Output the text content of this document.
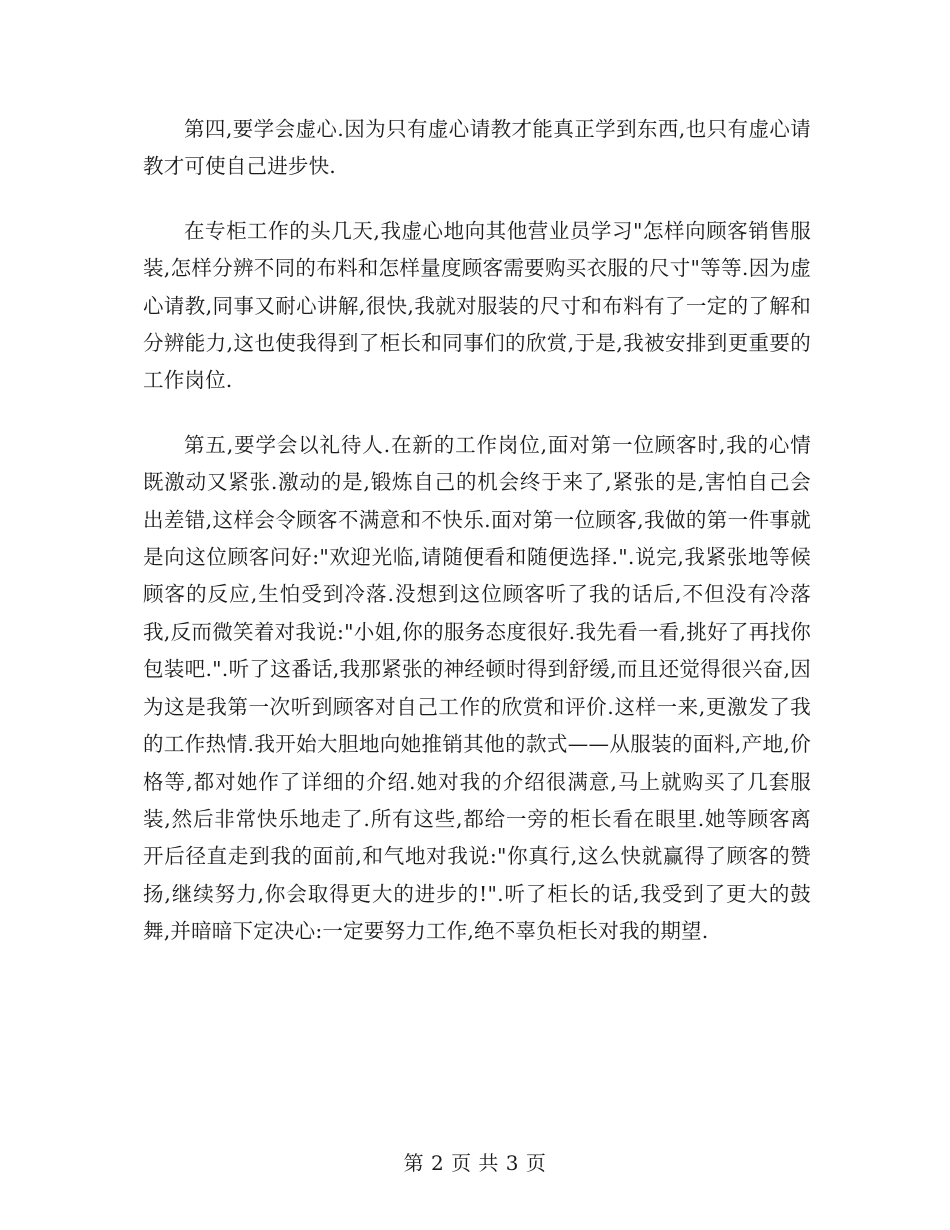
第四,要学会虚心.因为只有虚心请教才能真正学到东西,也只有虚心请教才可使自己进步快.

在专柜工作的头几天,我虚心地向其他营业员学习"怎样向顾客销售服装,怎样分辨不同的布料和怎样量度顾客需要购买衣服的尺寸"等等.因为虚心请教,同事又耐心讲解,很快,我就对服装的尺寸和布料有了一定的了解和分辨能力,这也使我得到了柜长和同事们的欣赏,于是,我被安排到更重要的工作岗位.

第五,要学会以礼待人.在新的工作岗位,面对第一位顾客时,我的心情既激动又紧张.激动的是,锻炼自己的机会终于来了,紧张的是,害怕自己会出差错,这样会令顾客不满意和不快乐.面对第一位顾客,我做的第一件事就是向这位顾客问好:"欢迎光临,请随便看和随便选择.".说完,我紧张地等候顾客的反应,生怕受到冷落.没想到这位顾客听了我的话后,不但没有冷落我,反而微笑着对我说:"小姐,你的服务态度很好.我先看一看,挑好了再找你包装吧.".听了这番话,我那紧张的神经顿时得到舒缓,而且还觉得很兴奋,因为这是我第一次听到顾客对自己工作的欣赏和评价.这样一来,更激发了我的工作热情.我开始大胆地向她推销其他的款式——从服装的面料,产地,价格等,都对她作了详细的介绍.她对我的介绍很满意,马上就购买了几套服装,然后非常快乐地走了.所有这些,都给一旁的柜长看在眼里.她等顾客离开后径直走到我的面前,和气地对我说:"你真行,这么快就赢得了顾客的赞扬,继续努力,你会取得更大的进步的!".听了柜长的话,我受到了更大的鼓舞,并暗暗下定决心:一定要努力工作,绝不辜负柜长对我的期望.

第 2 页 共 3 页
